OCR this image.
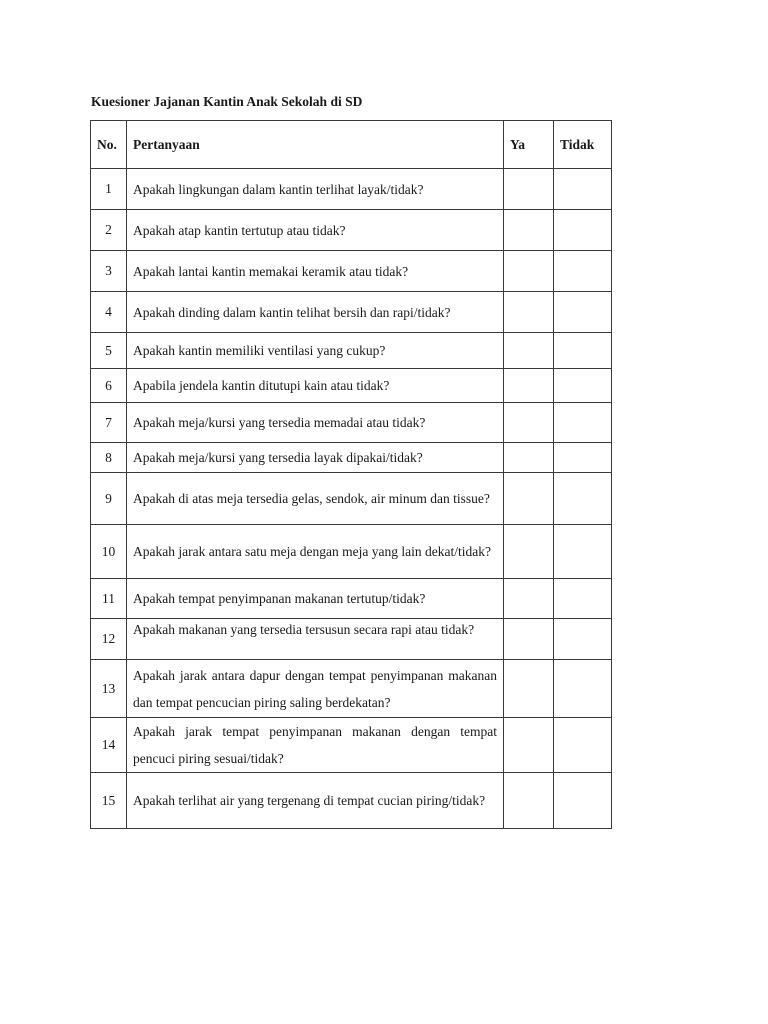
Kuesioner Jajanan Kantin Anak Sekolah di SD
No.	Pertanyaan	Ya	Tidak
1	Apakah lingkungan dalam kantin terlihat layak/tidak?		
2	Apakah atap kantin tertutup atau tidak?		
3	Apakah lantai kantin memakai keramik atau tidak?		
4	Apakah dinding dalam kantin telihat bersih dan rapi/tidak?		
5	Apakah kantin memiliki ventilasi yang cukup?		
6	Apabila jendela kantin ditutupi kain atau tidak?		
7	Apakah meja/kursi yang tersedia memadai atau tidak?		
8	Apakah meja/kursi yang tersedia layak dipakai/tidak?		
9	Apakah di atas meja tersedia gelas, sendok, air minum dan tissue?		
10	Apakah jarak antara satu meja dengan meja yang lain dekat/tidak?		
11	Apakah tempat penyimpanan makanan tertutup/tidak?		
12	Apakah makanan yang tersedia tersusun secara rapi atau tidak?		

13	Apakah jarak antara dapur dengan tempat penyimpanan makanan dan tempat pencucian piring saling berdekatan?		
14	Apakah jarak tempat penyimpanan makanan dengan tempat pencuci piring sesuai/tidak?		
15	Apakah terlihat air yang tergenang di tempat cucian piring/tidak?		
